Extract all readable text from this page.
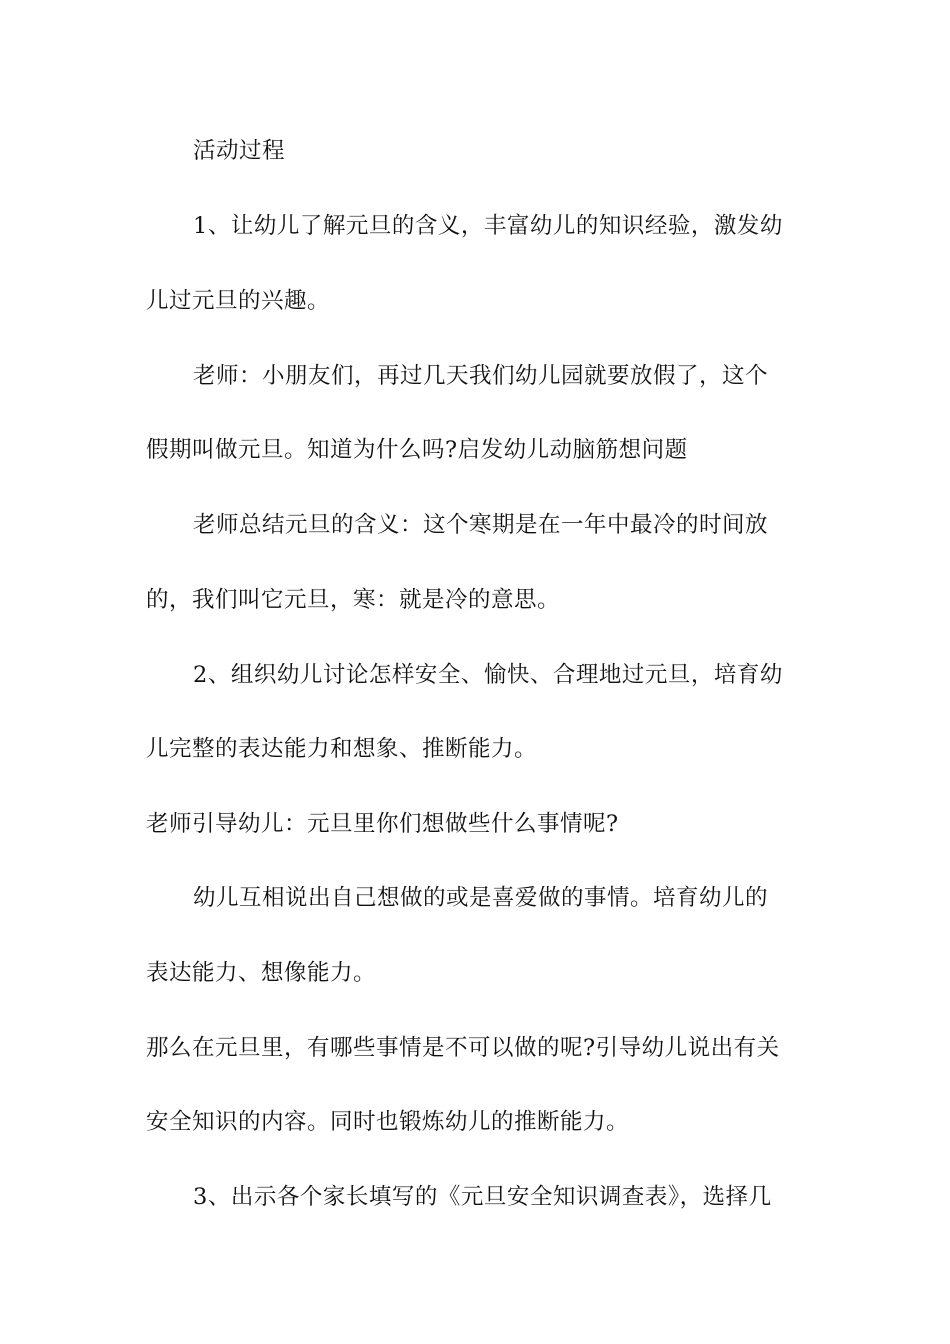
活动过程
1、让幼儿了解元旦的含义，丰富幼儿的知识经验，激发幼
儿过元旦的兴趣。
老师：小朋友们，再过几天我们幼儿园就要放假了，这个
假期叫做元旦。知道为什么吗?启发幼儿动脑筋想问题
老师总结元旦的含义：这个寒期是在一年中最冷的时间放
的，我们叫它元旦，寒：就是冷的意思。
2、组织幼儿讨论怎样安全、愉快、合理地过元旦，培育幼
儿完整的表达能力和想象、推断能力。
老师引导幼儿：元旦里你们想做些什么事情呢?
幼儿互相说出自己想做的或是喜爱做的事情。培育幼儿的
表达能力、想像能力。
那么在元旦里，有哪些事情是不可以做的呢?引导幼儿说出有关
安全知识的内容。同时也锻炼幼儿的推断能力。
3、出示各个家长填写的《元旦安全知识调查表》，选择几
